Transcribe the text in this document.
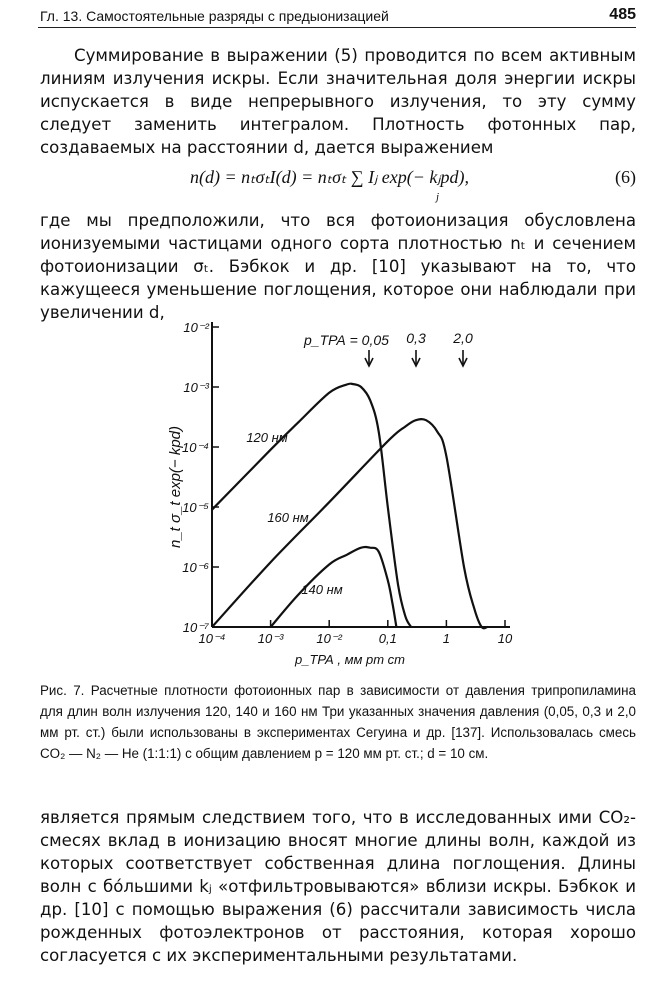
Гл. 13. Самостоятельные разряды с предыонизацией	485
Суммирование в выражении (5) проводится по всем активным линиям излучения искры. Если значительная доля энергии искры испускается в виде непрерывного излучения, то эту сумму следует заменить интегралом. Плотность фотонных пар, создаваемых на расстоянии d, дается выражением
n(d) = nₜσₜI(d) = nₜσₜ ∑ Iⱼ exp(− kⱼpd),
j
(6)
где мы предположили, что вся фотоионизация обусловлена ионизуемыми частицами одного сорта плотностью nₜ и сечением фотоионизации σₜ. Бэбкок и др. [10] указывают на то, что кажущееся уменьшение поглощения, которое они наблюдали при увеличении d,
p_ТРА , мм рт ст
n_t σ_t exp(− kpd)
10⁻⁷
10⁻⁶
10⁻⁵
10⁻⁴
10⁻³
10⁻²
10⁻⁴ 10⁻³	10⁻²	0,1	1	10
120 нм
160 нм
140 нм
p_ТРА = 0,05 0,3 2,0
Рис. 7. Расчетные плотности фотоионных пар в зависимости от давления трипропиламина для длин волн излучения 120, 140 и 160 нм Три указанных значения давления (0,05, 0,3 и 2,0 мм рт. ст.) были использованы в экспериментах Сегуина и др. [137]. Использовалась смесь CO₂ — N₂ — He (1:1:1) с общим давлением p = 120 мм рт. ст.; d = 10 см.
является прямым следствием того, что в исследованных ими CO₂-смесях вклад в ионизацию вносят многие длины волн, каждой из которых соответствует собственная длина поглощения. Длины волн с бо́льшими kⱼ «отфильтровываются» вблизи искры. Бэбкок и др. [10] с помощью выражения (6) рассчитали зависимость числа рожденных фотоэлектронов от расстояния, которая хорошо согласуется с их экспериментальными результатами.
